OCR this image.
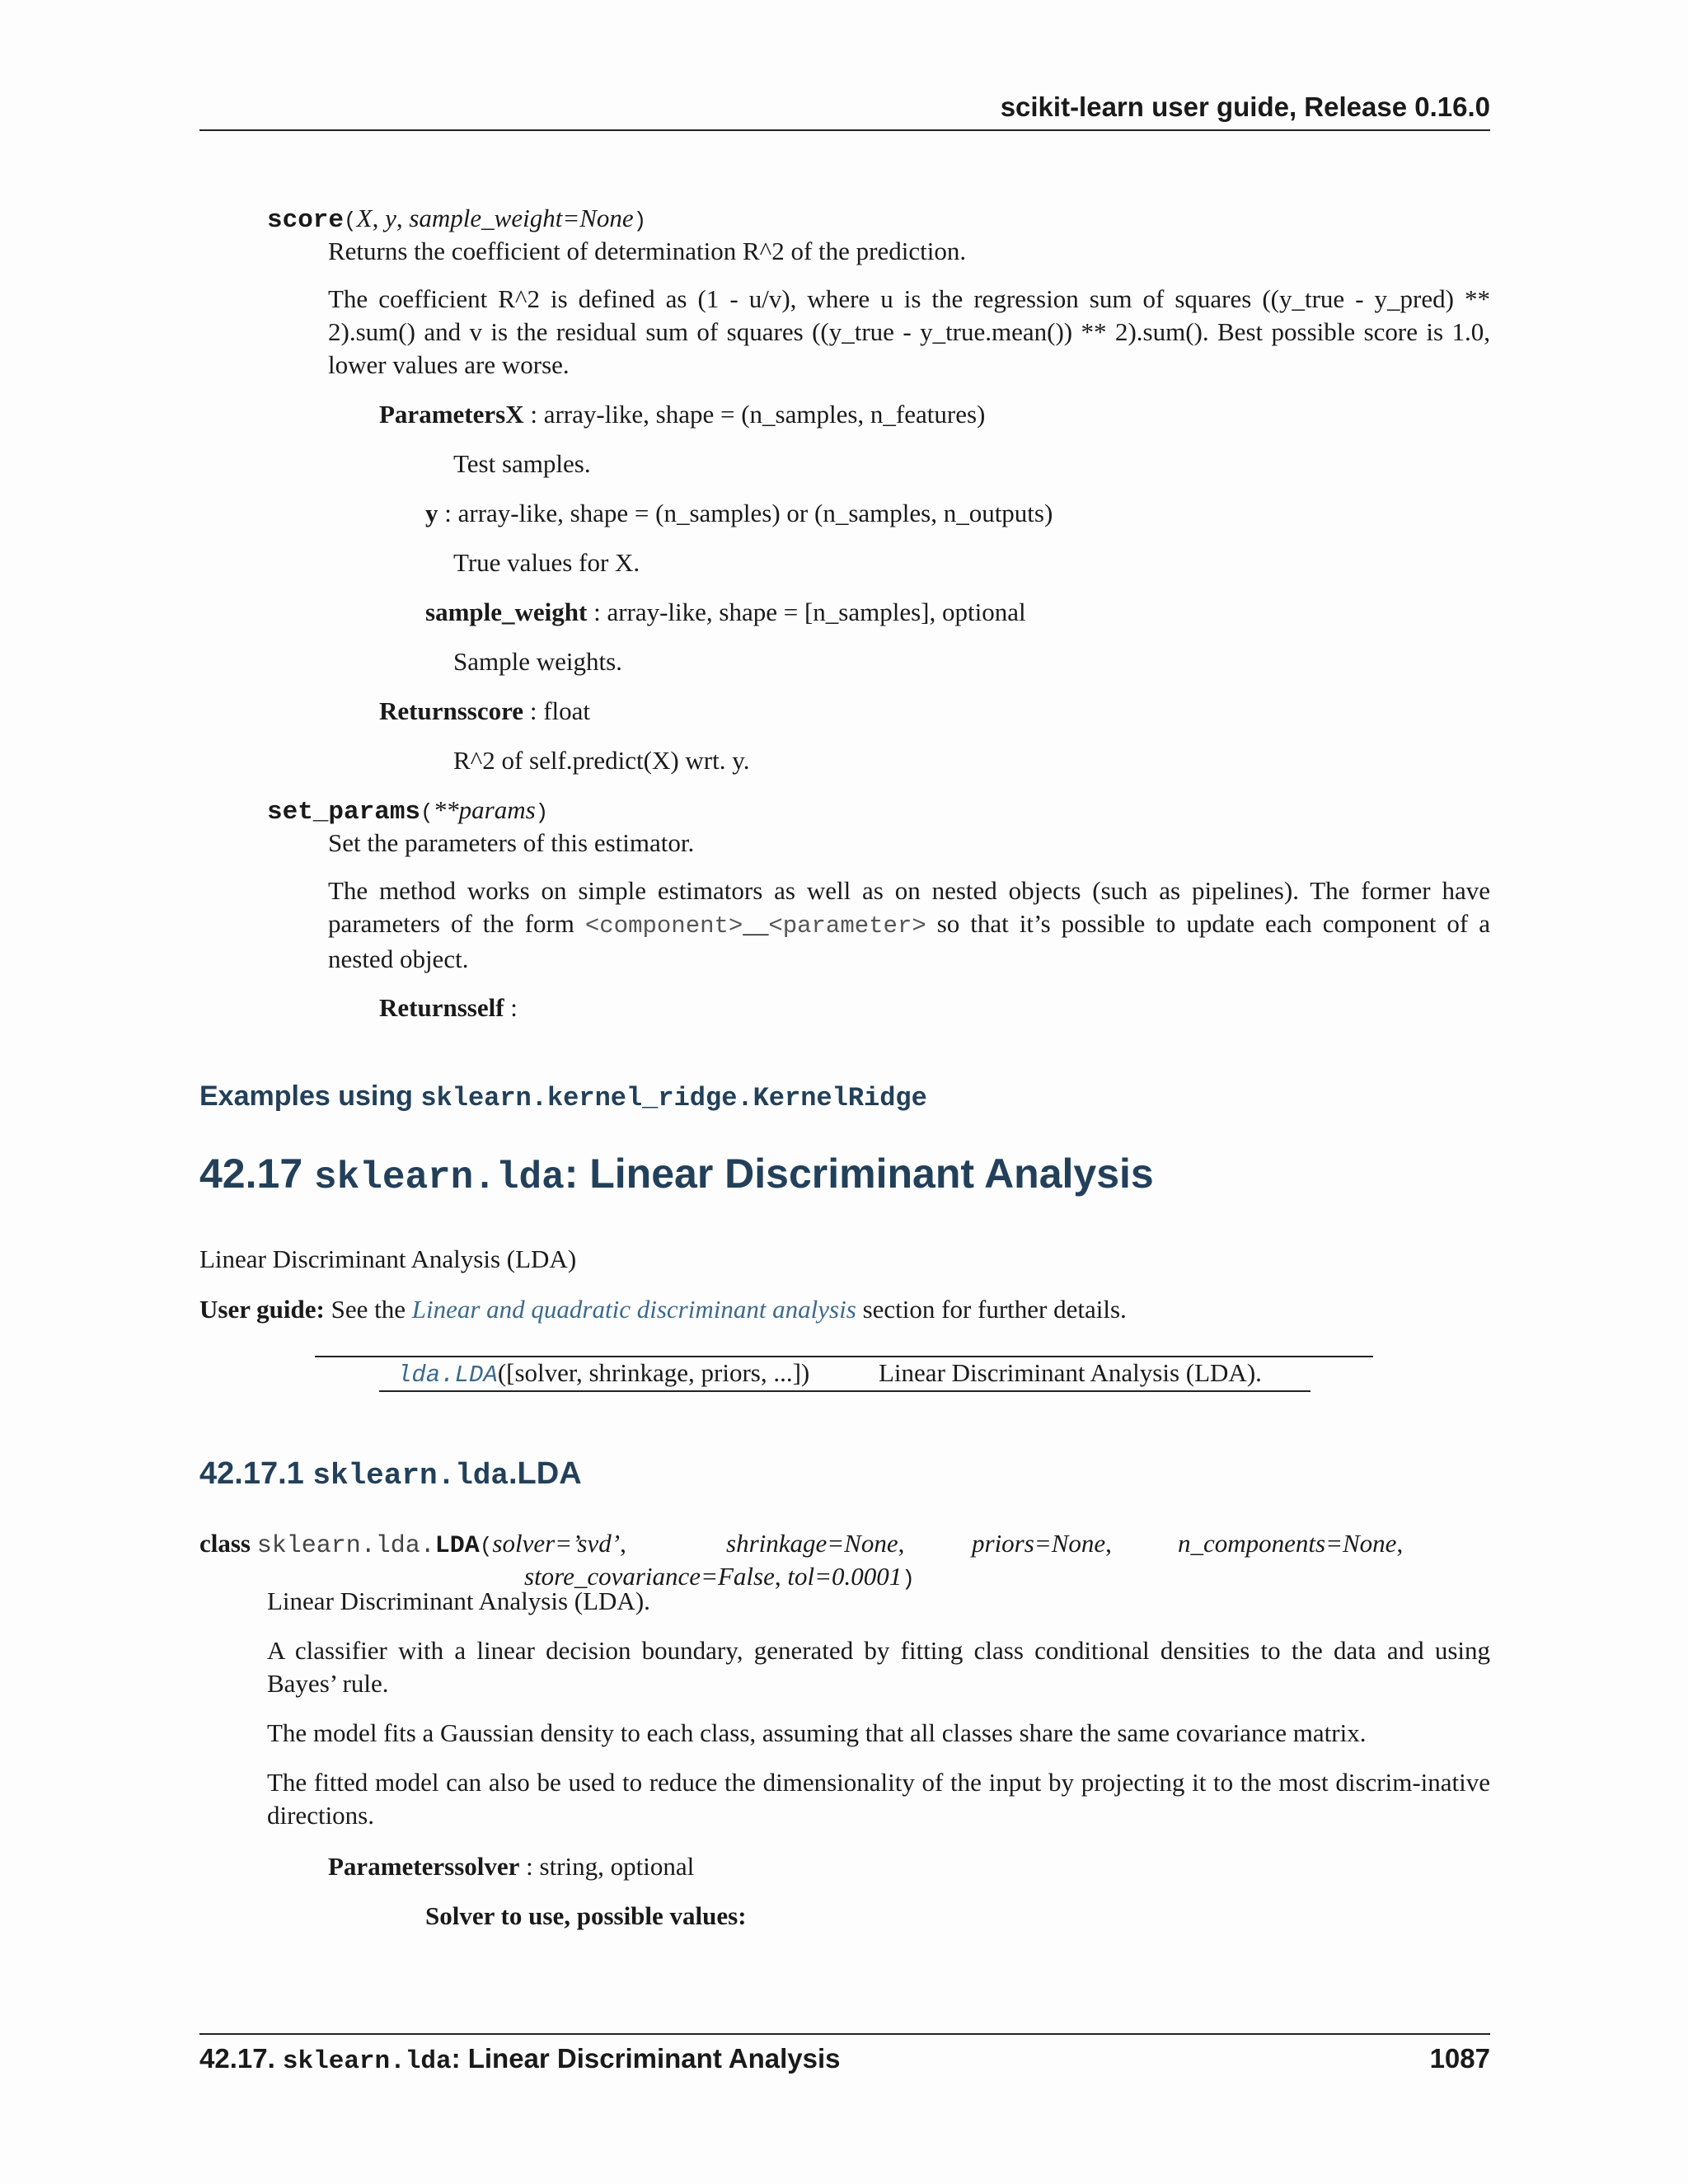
scikit-learn user guide, Release 0.16.0
score(X, y, sample_weight=None)
Returns the coefficient of determination R^2 of the prediction.
The coefficient R^2 is defined as (1 - u/v), where u is the regression sum of squares ((y_true - y_pred) ** 2).sum() and v is the residual sum of squares ((y_true - y_true.mean()) ** 2).sum(). Best possible score is 1.0, lower values are worse.
ParametersX : array-like, shape = (n_samples, n_features)
Test samples.
y : array-like, shape = (n_samples) or (n_samples, n_outputs)
True values for X.
sample_weight : array-like, shape = [n_samples], optional
Sample weights.
Returnsscore : float
R^2 of self.predict(X) wrt. y.
set_params(**params)
Set the parameters of this estimator.
The method works on simple estimators as well as on nested objects (such as pipelines). The former have parameters of the form <component>__<parameter> so that it’s possible to update each component of a nested object.
Returnsself :
Examples using sklearn.kernel_ridge.KernelRidge
42.17 sklearn.lda: Linear Discriminant Analysis
Linear Discriminant Analysis (LDA)
User guide: See the Linear and quadratic discriminant analysis section for further details.
lda.LDA([solver, shrinkage, priors, ...])	Linear Discriminant Analysis (LDA).
42.17.1 sklearn.lda.LDA
class sklearn.lda.LDA(solver=’svd’,	shrinkage=None,	priors=None,	n_components=None,
store_covariance=False, tol=0.0001)
Linear Discriminant Analysis (LDA).
A classifier with a linear decision boundary, generated by fitting class conditional densities to the data and using Bayes’ rule.
The model fits a Gaussian density to each class, assuming that all classes share the same covariance matrix.
The fitted model can also be used to reduce the dimensionality of the input by projecting it to the most discrim-inative directions.
Parameterssolver : string, optional
Solver to use, possible values:
42.17. sklearn.lda: Linear Discriminant Analysis	1087
